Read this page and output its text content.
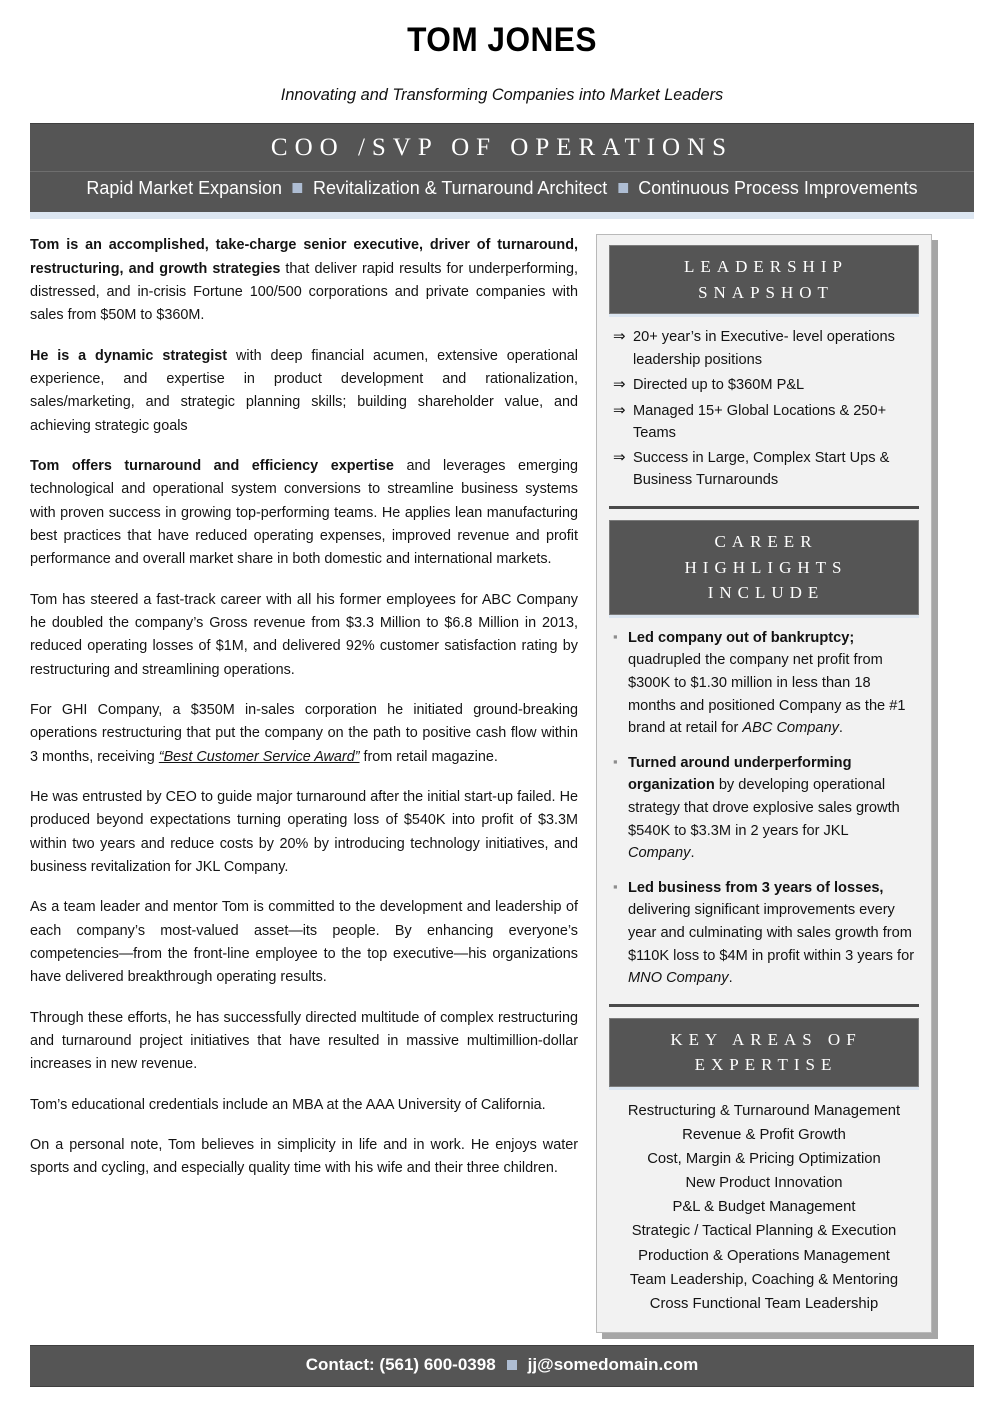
TOM JONES
Innovating and Transforming Companies into Market Leaders
COO /SVP OF OPERATIONS
Rapid Market Expansion Revitalization & Turnaround Architect Continuous Process Improvements

Tom is an accomplished, take-charge senior executive, driver of turnaround, restructuring, and growth strategies that deliver rapid results for underperforming, distressed, and in-crisis Fortune 100/500 corporations and private companies with sales from $50M to $360M.

He is a dynamic strategist with deep financial acumen, extensive operational experience, and expertise in product development and rationalization, sales/marketing, and strategic planning skills; building shareholder value, and achieving strategic goals

Tom offers turnaround and efficiency expertise and leverages emerging technological and operational system conversions to streamline business systems with proven success in growing top-performing teams. He applies lean manufacturing best practices that have reduced operating expenses, improved revenue and profit performance and overall market share in both domestic and international markets.

Tom has steered a fast-track career with all his former employees for ABC Company he doubled the company’s Gross revenue from $3.3 Million to $6.8 Million in 2013, reduced operating losses of $1M, and delivered 92% customer satisfaction rating by restructuring and streamlining operations.

For GHI Company, a $350M in-sales corporation he initiated ground-breaking operations restructuring that put the company on the path to positive cash flow within 3 months, receiving “Best Customer Service Award” from retail magazine.

He was entrusted by CEO to guide major turnaround after the initial start-up failed. He produced beyond expectations turning operating loss of $540K into profit of $3.3M within two years and reduce costs by 20% by introducing technology initiatives, and business revitalization for JKL Company.

As a team leader and mentor Tom is committed to the development and leadership of each company’s most-valued asset—its people. By enhancing everyone’s competencies—from the front-line employee to the top executive—his organizations have delivered breakthrough operating results.

Through these efforts, he has successfully directed multitude of complex restructuring and turnaround project initiatives that have resulted in massive multimillion-dollar increases in new revenue.

Tom’s educational credentials include an MBA at the AAA University of California.

On a personal note, Tom believes in simplicity in life and in work. He enjoys water sports and cycling, and especially quality time with his wife and their three children.

LEADERSHIP
SNAPSHOT
⇒ 20+ year’s in Executive- level operations leadership positions
⇒ Directed up to $360M P&L
⇒ Managed 15+ Global Locations & 250+ Teams
⇒ Success in Large, Complex Start Ups & Business Turnarounds
CAREER
HIGHLIGHTS
INCLUDE
▪ Led company out of bankruptcy; quadrupled the company net profit from $300K to $1.30 million in less than 18 months and positioned Company as the #1 brand at retail for ABC Company.
▪ Turned around underperforming organization by developing operational strategy that drove explosive sales growth $540K to $3.3M in 2 years for JKL Company.
▪ Led business from 3 years of losses, delivering significant improvements every year and culminating with sales growth from $110K loss to $4M in profit within 3 years for MNO Company.
KEY AREAS OF
EXPERTISE
Restructuring & Turnaround Management
Revenue & Profit Growth
Cost, Margin & Pricing Optimization
New Product Innovation
P&L & Budget Management
Strategic / Tactical Planning & Execution
Production & Operations Management
Team Leadership, Coaching & Mentoring
Cross Functional Team Leadership
Contact: (561) 600-0398 jj@somedomain.com
